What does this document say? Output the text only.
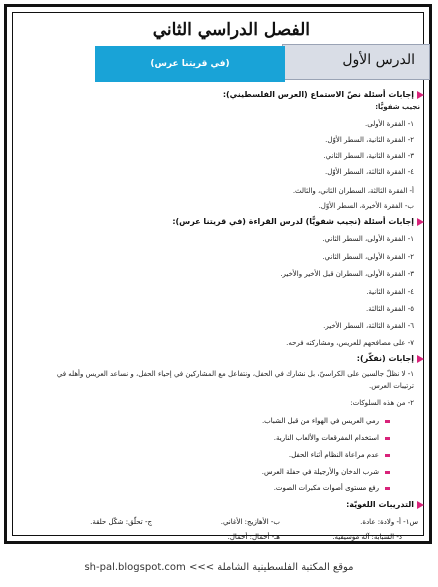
الفصل الدراسي الثاني
الدرس الأول
(في قريتنا عرس)
إجابات أسئلة نصّ الاستماع (العرس الفلسطيني):
نجيب شفويًّا:
١- الفقرة الأولى.
٢- الفقرة الثانية، السطر الأوّل.
٣- الفقرة الثانية، السطر الثاني.
٤- الفقرة الثالثة، السطر الأوّل.
أ- الفقرة الثالثة، السطران الثاني، والثالث.
ب- الفقرة الأخيرة، السطر الأوّل.
إجابات أسئلة (نجيب شفويًّا) لدرس القراءة (في قريتنا عرس):
١- الفقرة الأولى، السطر الثاني.
٢- الفقرة الأولى، السطر الثاني.
٣- الفقرة الأولى، السطران قبل الأخير والأخير.
٤- الفقرة الثانية.
٥- الفقرة الثالثة.
٦- الفقرة الثالثة، السطر الأخير.
٧- على مصافحهم للعريس، ومشاركته فرحه.
إجابات (نفكّر):
١- لا نظلّ جالسين على الكراسيّ، بل نشارك في الحفل، ونتفاعل مع المشاركين في إحياء الحفل، و نساعد العريس وأهله في ترتيبات العرس.
٢- من هذه السلوكات:
رمي العريس في الهواء من قبل الشباب.
استخدام المفرقعات والألعاب النارية.
عدم مراعاة النظام أثناء الحفل.
شرب الدخان والأرجيلة في حفلة العرس.
رفع مستوى أصوات مكبرات الصوت.
التدريبات اللغويّة:
س١- أ- ولادة: عادة.
ب- الأهازيج: الأغاني.
ج- تحلّق: شكّل حلقة.
د- الشبابة: آلة موسيقية.
هـ- أحمال: أحمال.
sh-pal.blogspot.com <<< موقع المكتبة الفلسطينية الشاملة
